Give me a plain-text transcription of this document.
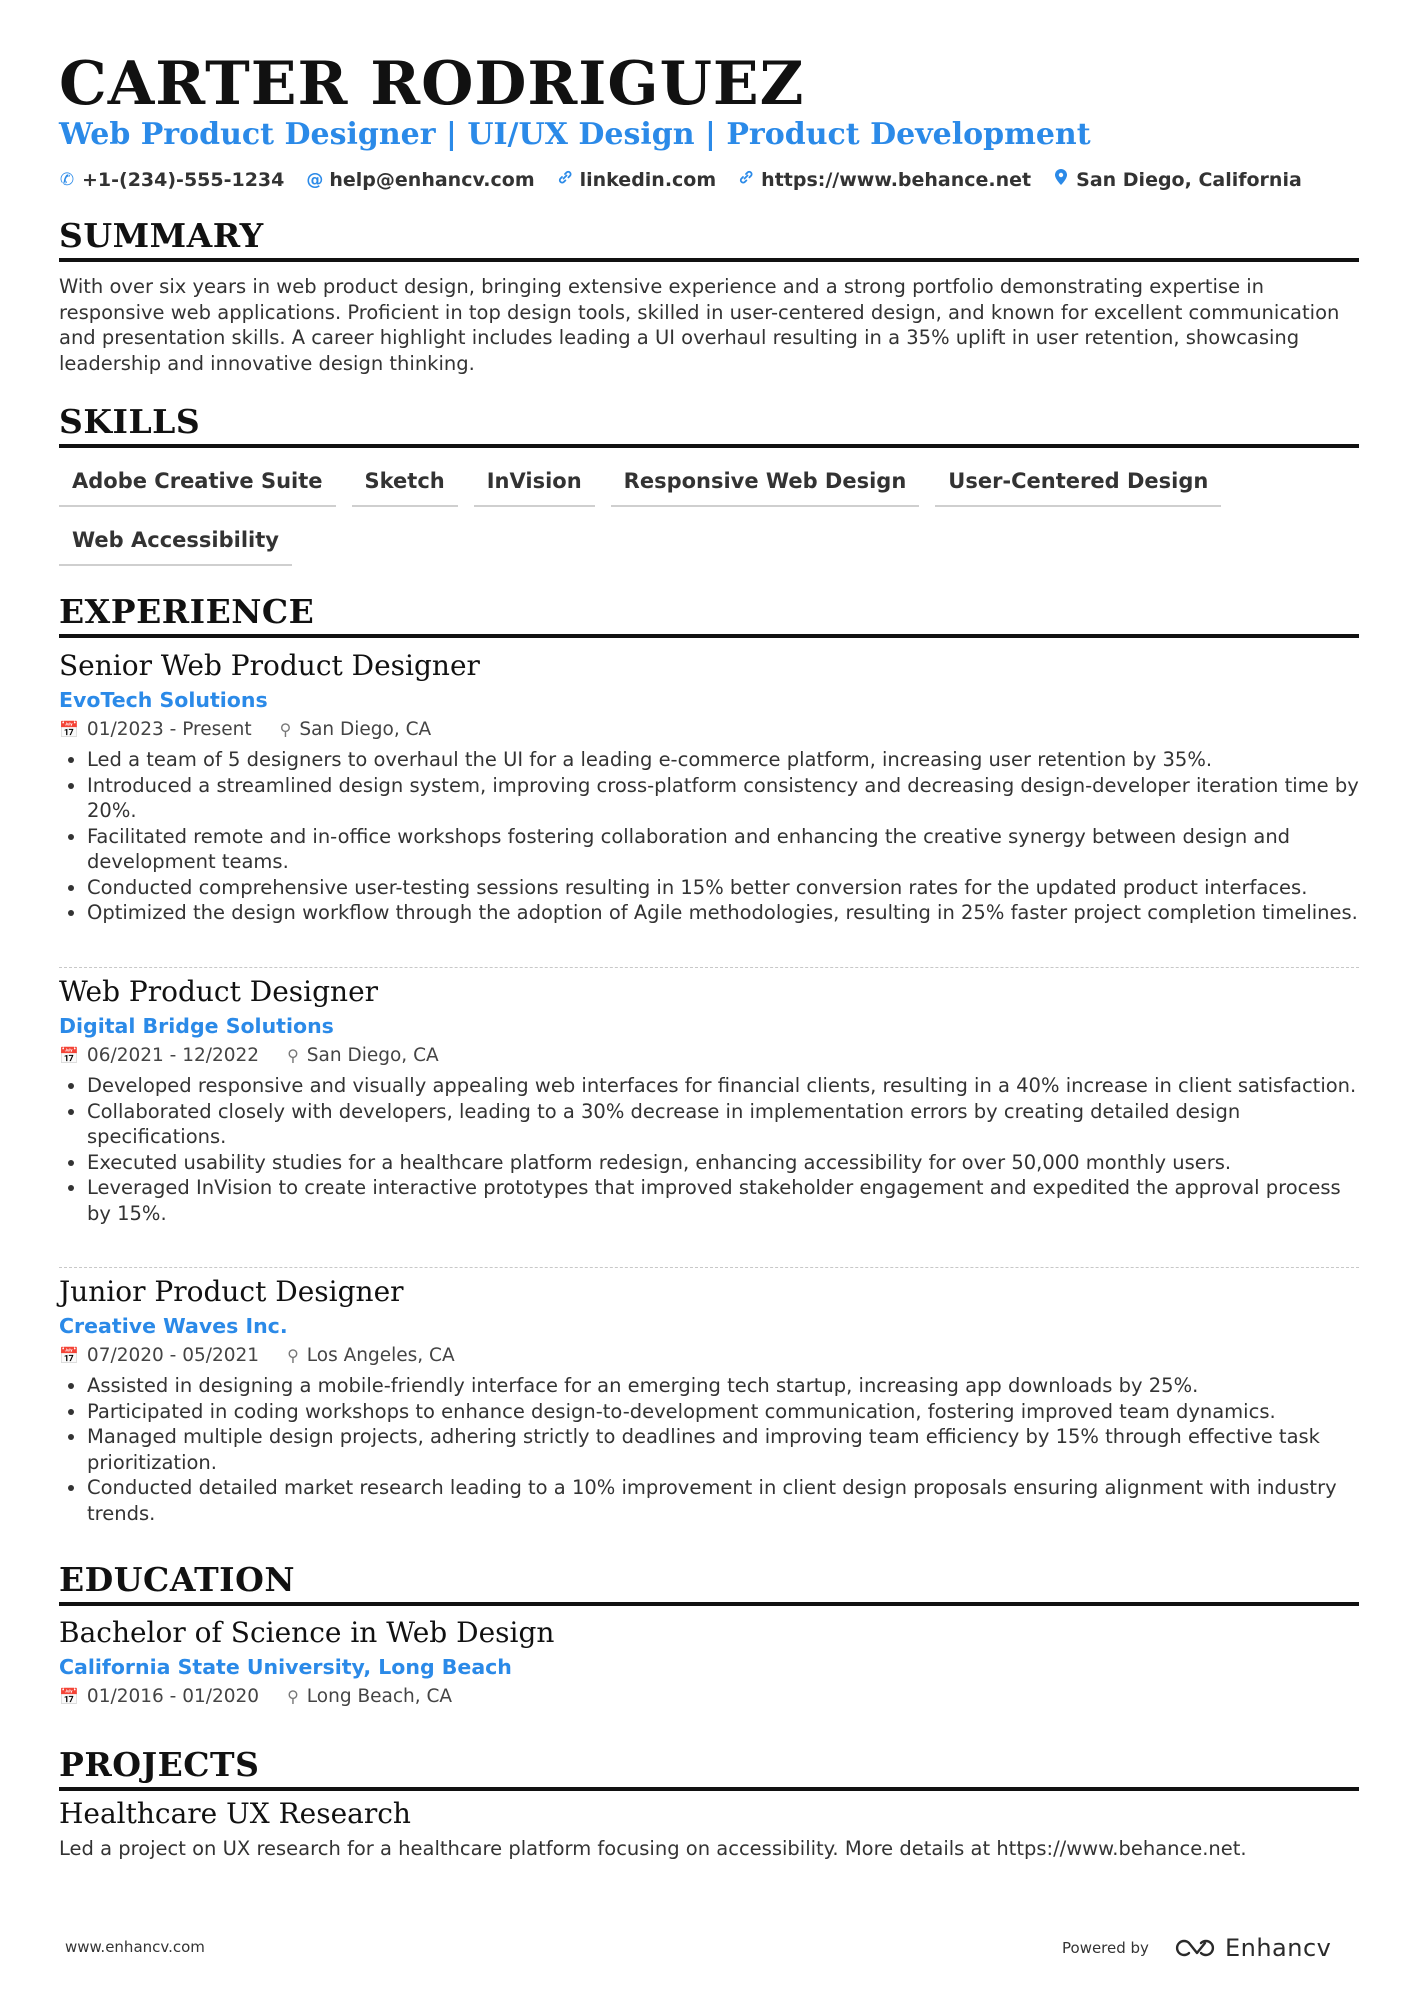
CARTER RODRIGUEZ
Web Product Designer | UI/UX Design | Product Development
✆ +1-(234)-555-1234 @ help@enhancv.com linkedin.com https://www.behance.net San Diego, California
SUMMARY
With over six years in web product design, bringing extensive experience and a strong portfolio demonstrating expertise in responsive web applications. Proficient in top design tools, skilled in user-centered design, and known for excellent communication and presentation skills. A career highlight includes leading a UI overhaul resulting in a 35% uplift in user retention, showcasing leadership and innovative design thinking.
SKILLS
Adobe Creative Suite	Sketch	InVision	Responsive Web Design	User-Centered Design
Web Accessibility
EXPERIENCE
Senior Web Product Designer
EvoTech Solutions
📅 01/2023 - Present ⚲ San Diego, CA
• Led a team of 5 designers to overhaul the UI for a leading e-commerce platform, increasing user retention by 35%.
• Introduced a streamlined design system, improving cross-platform consistency and decreasing design-developer iteration time by 20%.
• Facilitated remote and in-office workshops fostering collaboration and enhancing the creative synergy between design and development teams.
• Conducted comprehensive user-testing sessions resulting in 15% better conversion rates for the updated product interfaces.
• Optimized the design workflow through the adoption of Agile methodologies, resulting in 25% faster project completion timelines.
Web Product Designer
Digital Bridge Solutions
📅 06/2021 - 12/2022 ⚲ San Diego, CA
• Developed responsive and visually appealing web interfaces for financial clients, resulting in a 40% increase in client satisfaction.
• Collaborated closely with developers, leading to a 30% decrease in implementation errors by creating detailed design specifications.
• Executed usability studies for a healthcare platform redesign, enhancing accessibility for over 50,000 monthly users.
• Leveraged InVision to create interactive prototypes that improved stakeholder engagement and expedited the approval process by 15%.
Junior Product Designer
Creative Waves Inc.
📅 07/2020 - 05/2021 ⚲ Los Angeles, CA
• Assisted in designing a mobile-friendly interface for an emerging tech startup, increasing app downloads by 25%.
• Participated in coding workshops to enhance design-to-development communication, fostering improved team dynamics.
• Managed multiple design projects, adhering strictly to deadlines and improving team efficiency by 15% through effective task prioritization.
• Conducted detailed market research leading to a 10% improvement in client design proposals ensuring alignment with industry trends.
EDUCATION
Bachelor of Science in Web Design
California State University, Long Beach
📅 01/2016 - 01/2020 ⚲ Long Beach, CA
PROJECTS
Healthcare UX Research
Led a project on UX research for a healthcare platform focusing on accessibility. More details at https://www.behance.net.
www.enhancv.com	Powered by	Enhancv
